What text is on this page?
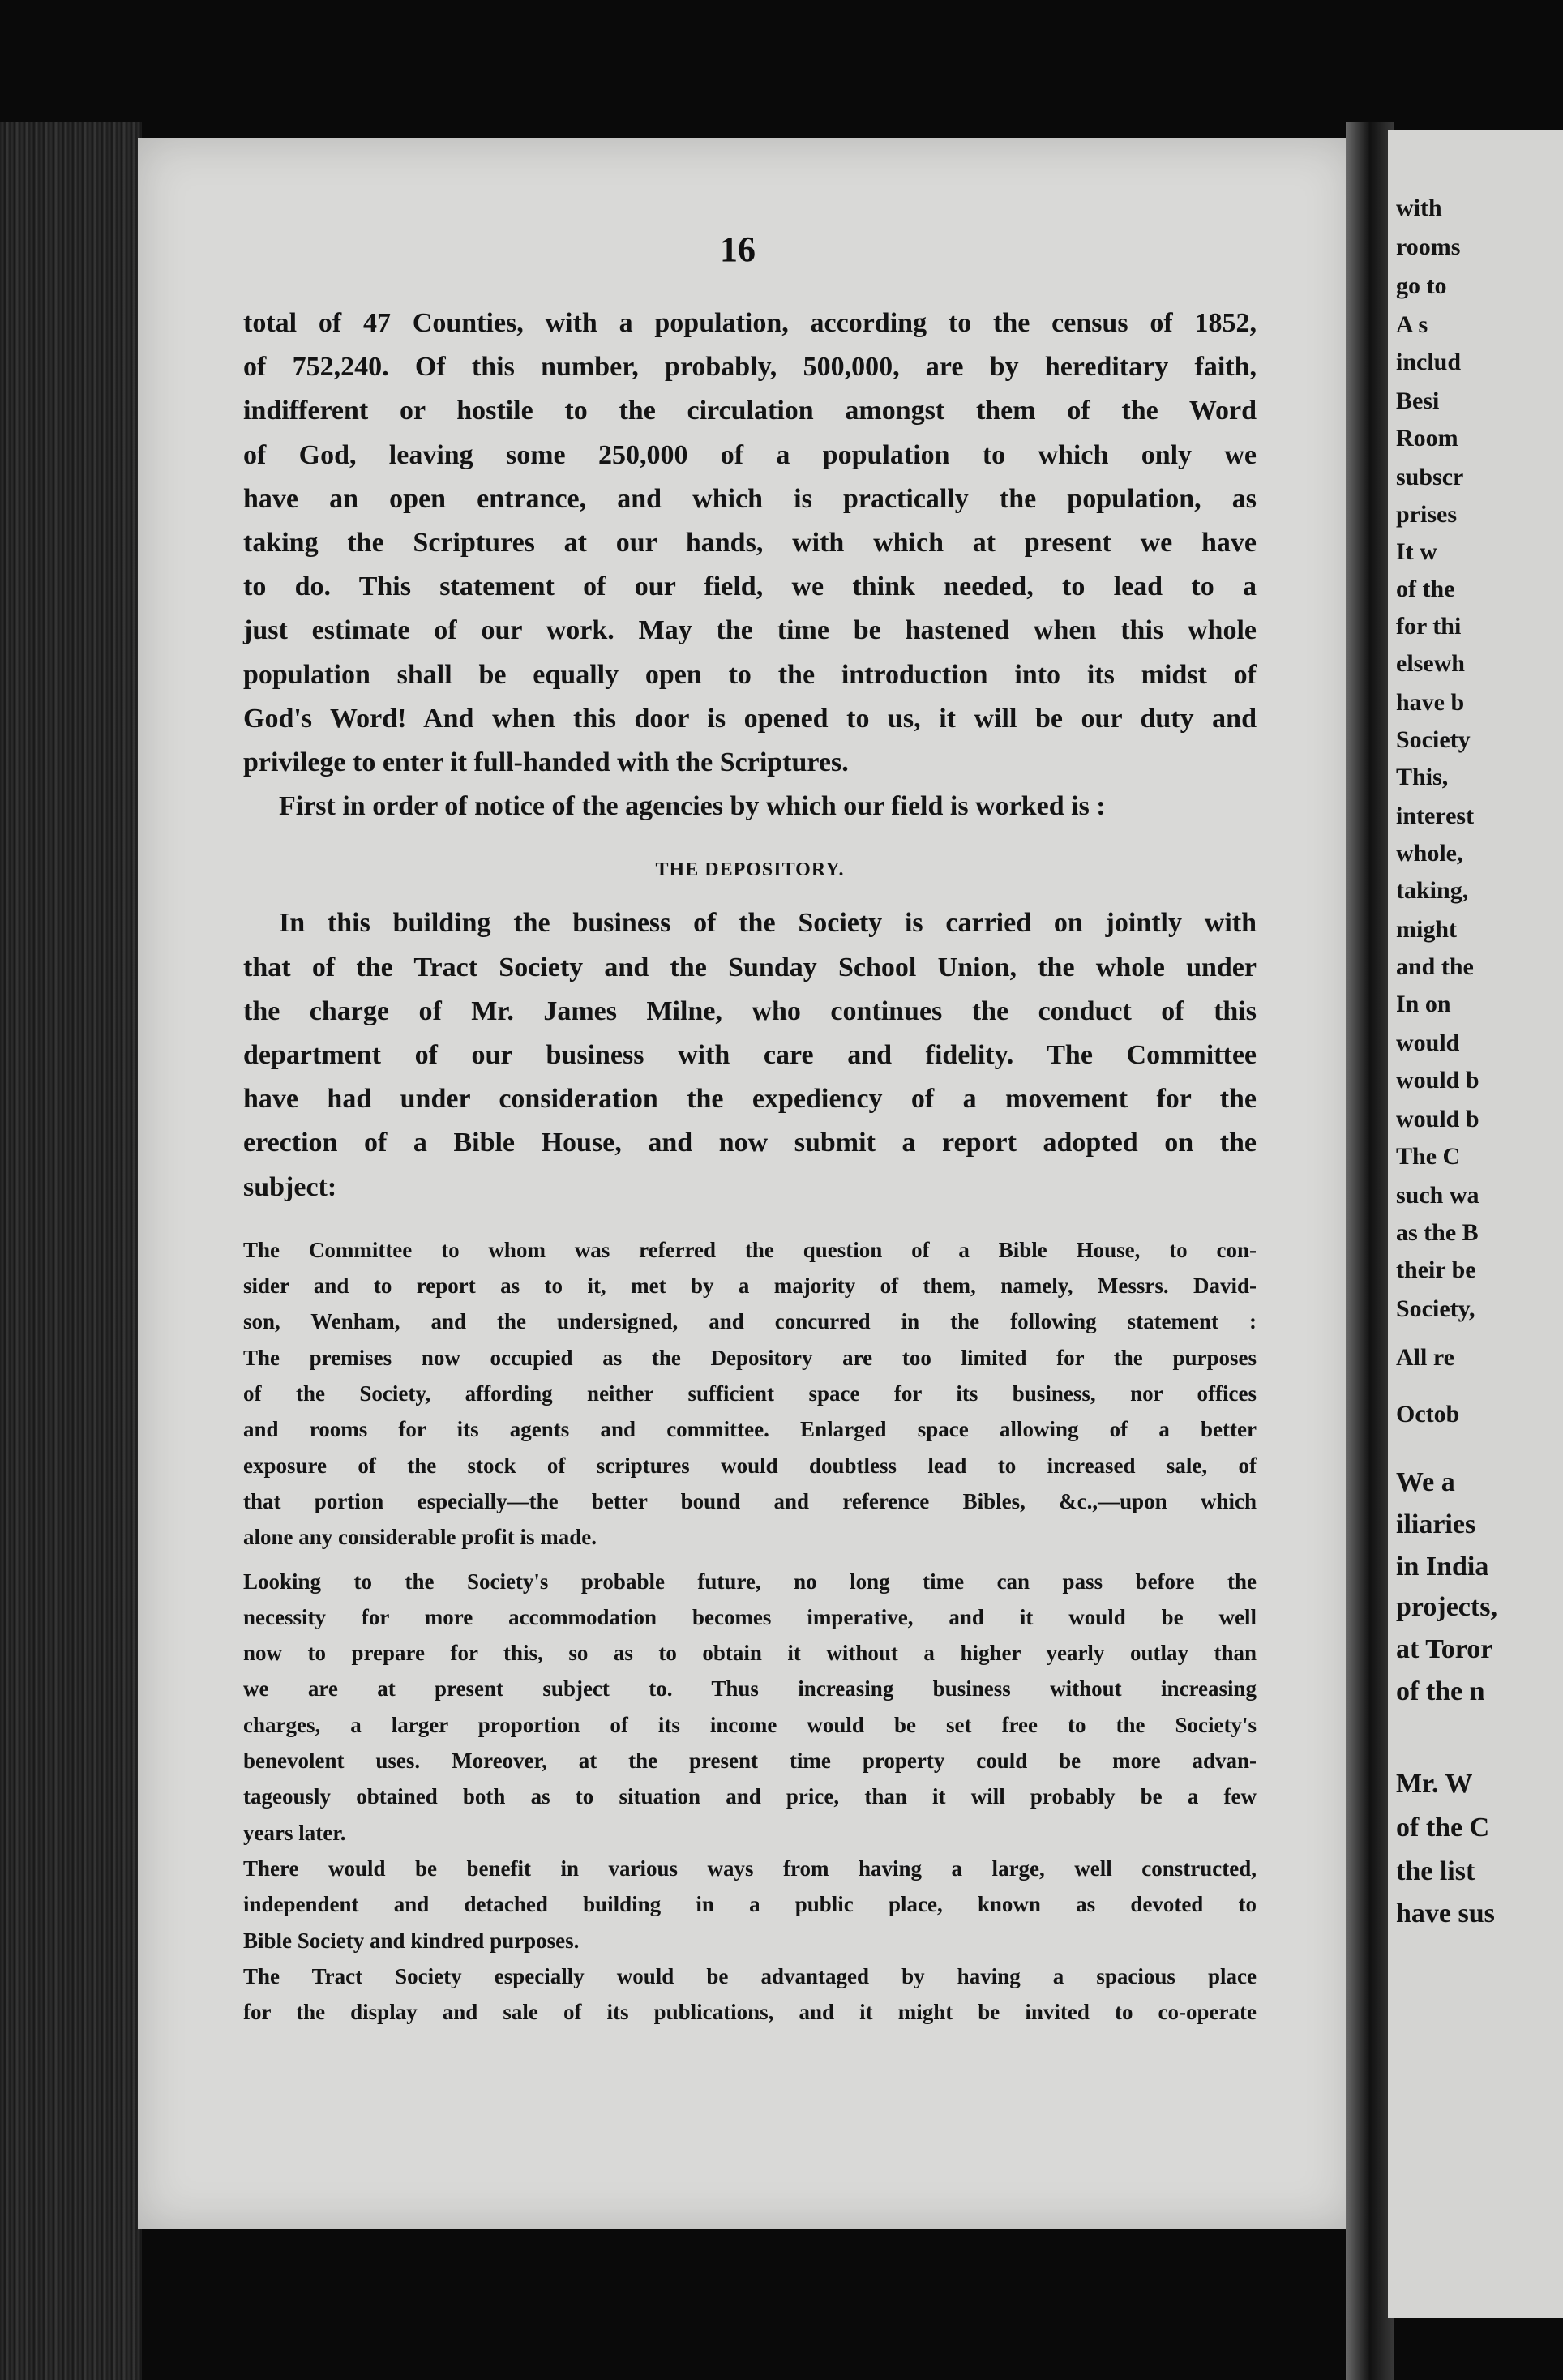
with
rooms
go to
A s
includ
Besi
Room
subscr
prises
It w
of the
for thi
elsewh
have b
Society
This,
interest
whole,
taking,
might
and the
In on
would
would b
would b
The C
such wa
as the B
their be
Society,
All re
Octob
We a
iliaries
in India
projects,
at Toror
of the n
Mr. W
of the C
the list
have sus
16
total of 47 Counties, with a population, according to the census of 1852,
of 752,240. Of this number, probably, 500,000, are by hereditary faith,
indifferent or hostile to the circulation amongst them of the Word
of God, leaving some 250,000 of a population to which only we
have an open entrance, and which is practically the population, as
taking the Scriptures at our hands, with which at present we have
to do. This statement of our field, we think needed, to lead to a
just estimate of our work. May the time be hastened when this whole
population shall be equally open to the introduction into its midst of
God's Word! And when this door is opened to us, it will be our duty and
privilege to enter it full-handed with the Scriptures.
First in order of notice of the agencies by which our field is worked is :
THE DEPOSITORY.
In this building the business of the Society is carried on jointly with
that of the Tract Society and the Sunday School Union, the whole under
the charge of Mr. James Milne, who continues the conduct of this
department of our business with care and fidelity. The Committee
have had under consideration the expediency of a movement for the
erection of a Bible House, and now submit a report adopted on the
subject:
The Committee to whom was referred the question of a Bible House, to con-
sider and to report as to it, met by a majority of them, namely, Messrs. David-
son, Wenham, and the undersigned, and concurred in the following statement :
The premises now occupied as the Depository are too limited for the purposes
of the Society, affording neither sufficient space for its business, nor offices
and rooms for its agents and committee. Enlarged space allowing of a better
exposure of the stock of scriptures would doubtless lead to increased sale, of
that portion especially—the better bound and reference Bibles, &c.,—upon which
alone any considerable profit is made.
Looking to the Society's probable future, no long time can pass before the
necessity for more accommodation becomes imperative, and it would be well
now to prepare for this, so as to obtain it without a higher yearly outlay than
we are at present subject to. Thus increasing business without increasing
charges, a larger proportion of its income would be set free to the Society's
benevolent uses. Moreover, at the present time property could be more advan-
tageously obtained both as to situation and price, than it will probably be a few
years later.
There would be benefit in various ways from having a large, well constructed,
independent and detached building in a public place, known as devoted to
Bible Society and kindred purposes.
The Tract Society especially would be advantaged by having a spacious place
for the display and sale of its publications, and it might be invited to co-operate
